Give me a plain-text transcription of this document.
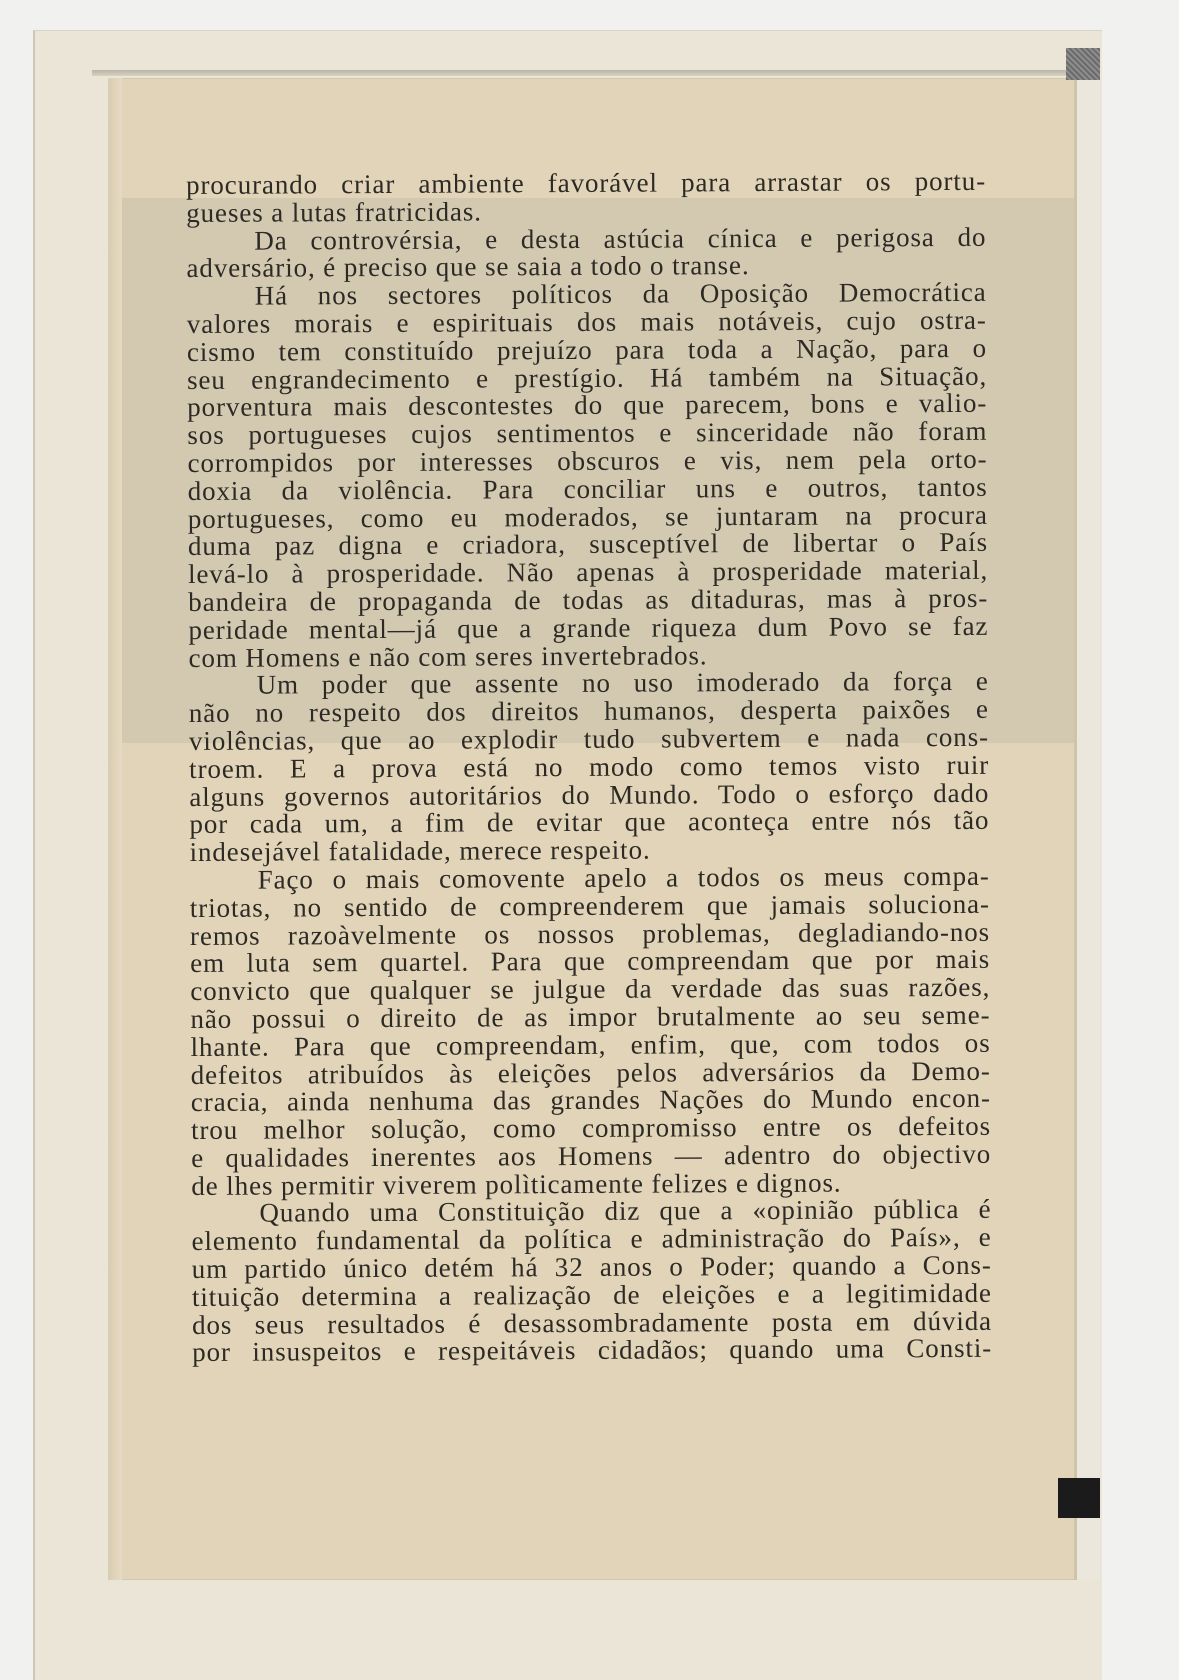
procurando criar ambiente favorável para arrastar os portu-
gueses a lutas fratricidas.
Da controvérsia, e desta astúcia cínica e perigosa do
adversário, é preciso que se saia a todo o transe.
Há nos sectores políticos da Oposição Democrática
valores morais e espirituais dos mais notáveis, cujo ostra-
cismo tem constituído prejuízo para toda a Nação, para o
seu engrandecimento e prestígio. Há também na Situação,
porventura mais descontestes do que parecem, bons e valio-
sos portugueses cujos sentimentos e sinceridade não foram
corrompidos por interesses obscuros e vis, nem pela orto-
doxia da violência. Para conciliar uns e outros, tantos
portugueses, como eu moderados, se juntaram na procura
duma paz digna e criadora, susceptível de libertar o País
levá-lo à prosperidade. Não apenas à prosperidade material,
bandeira de propaganda de todas as ditaduras, mas à pros-
peridade mental—já que a grande riqueza dum Povo se faz
com Homens e não com seres invertebrados.
Um poder que assente no uso imoderado da força e
não no respeito dos direitos humanos, desperta paixões e
violências, que ao explodir tudo subvertem e nada cons-
troem. E a prova está no modo como temos visto ruir
alguns governos autoritários do Mundo. Todo o esforço dado
por cada um, a fim de evitar que aconteça entre nós tão
indesejável fatalidade, merece respeito.
Faço o mais comovente apelo a todos os meus compa-
triotas, no sentido de compreenderem que jamais soluciona-
remos razoàvelmente os nossos problemas, degladiando-nos
em luta sem quartel. Para que compreendam que por mais
convicto que qualquer se julgue da verdade das suas razões,
não possui o direito de as impor brutalmente ao seu seme-
lhante. Para que compreendam, enfim, que, com todos os
defeitos atribuídos às eleições pelos adversários da Demo-
cracia, ainda nenhuma das grandes Nações do Mundo encon-
trou melhor solução, como compromisso entre os defeitos
e qualidades inerentes aos Homens — adentro do objectivo
de lhes permitir viverem polìticamente felizes e dignos.
Quando uma Constituição diz que a «opinião pública é
elemento fundamental da política e administração do País», e
um partido único detém há 32 anos o Poder; quando a Cons-
tituição determina a realização de eleições e a legitimidade
dos seus resultados é desassombradamente posta em dúvida
por insuspeitos e respeitáveis cidadãos; quando uma Consti-
